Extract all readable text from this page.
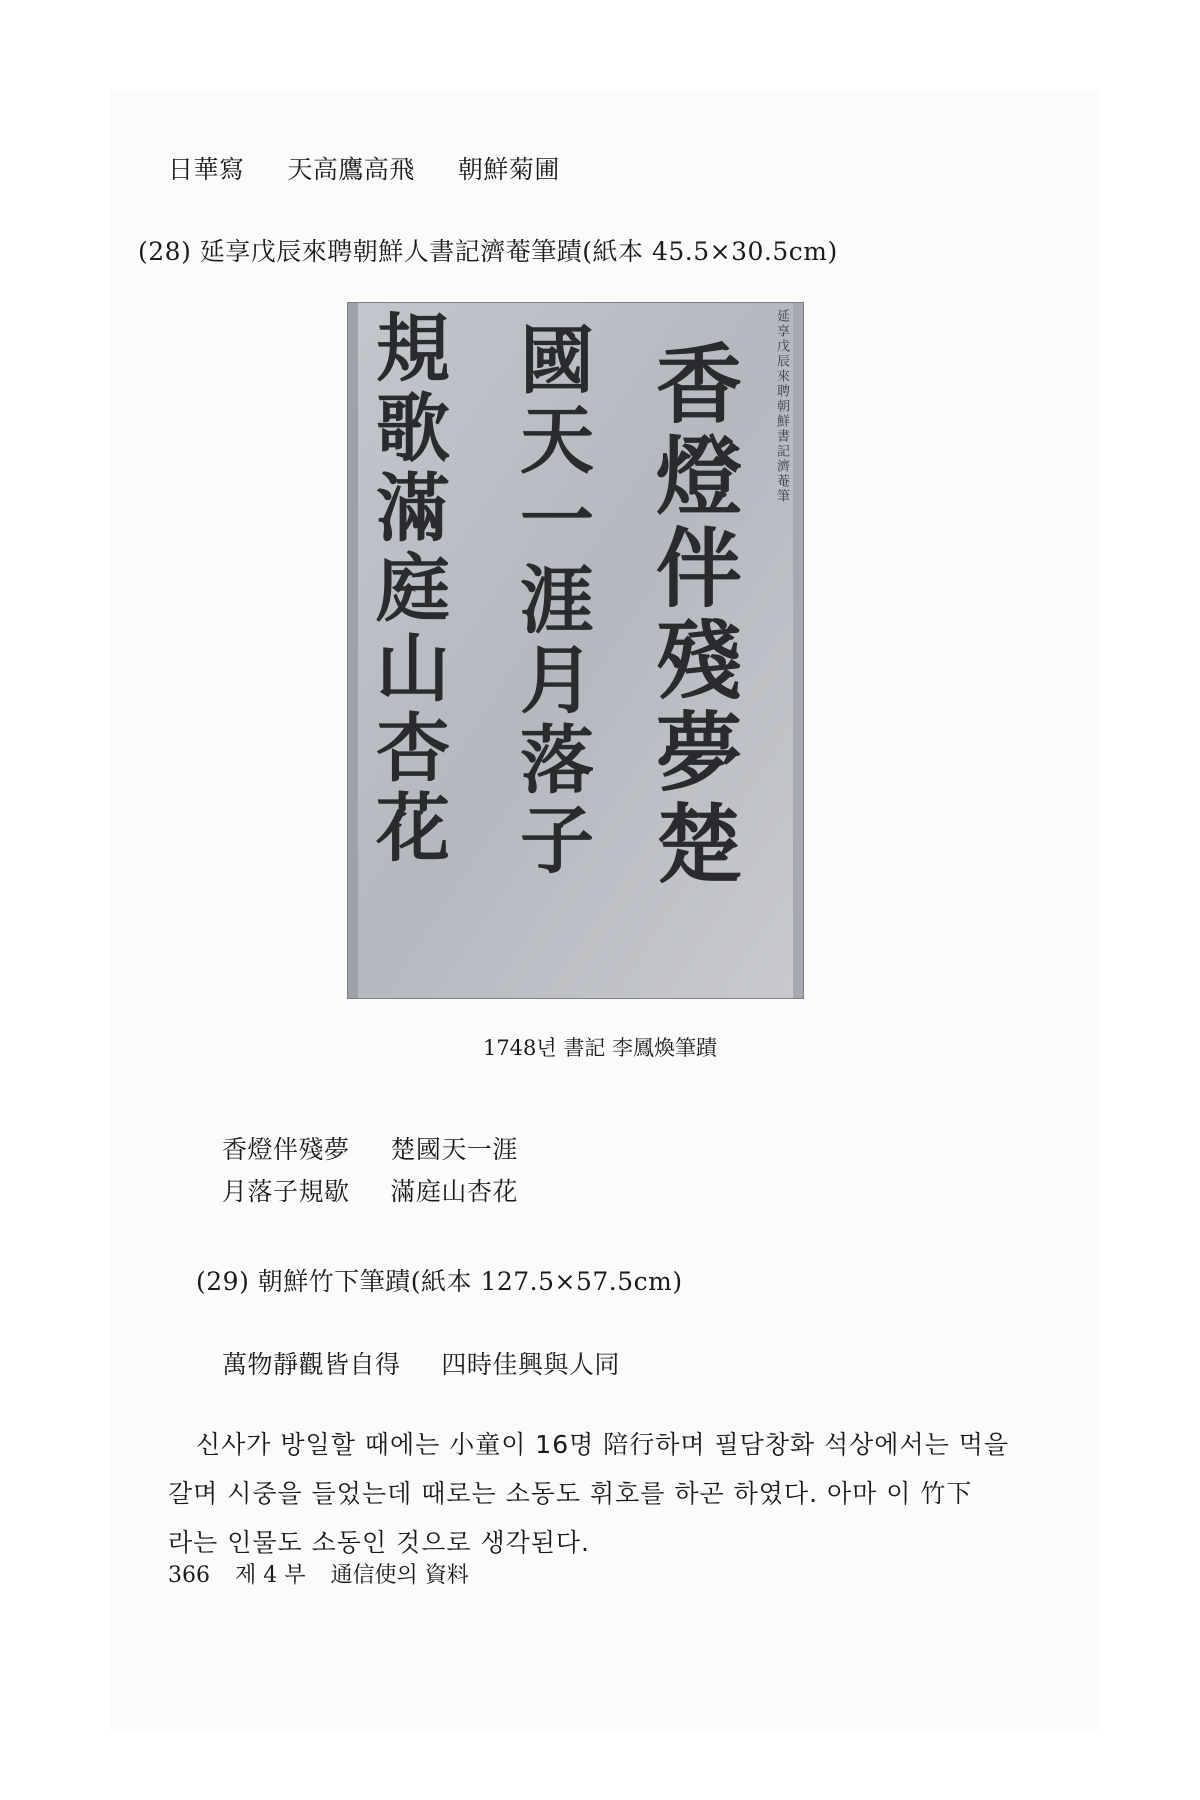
日華寫 天高鷹高飛 朝鮮菊圃
(28) 延享戊辰來聘朝鮮人書記濟菴筆蹟(紙本 45.5×30.5cm)
延享戊辰來聘朝鮮書記濟菴筆
香燈伴殘夢楚
國天一涯月落子
規歌滿庭山杏花
1748년 書記 李鳳煥筆蹟
香燈伴殘夢 楚國天一涯
月落子規歇 滿庭山杏花
(29) 朝鮮竹下筆蹟(紙本 127.5×57.5cm)
萬物靜觀皆自得 四時佳興與人同
신사가 방일할 때에는 小童이 16명 陪行하며 필담창화 석상에서는 먹을
갈며 시중을 들었는데 때로는 소동도 휘호를 하곤 하였다. 아마 이 竹下
라는 인물도 소동인 것으로 생각된다.
366 제 4 부 通信使의 資料
